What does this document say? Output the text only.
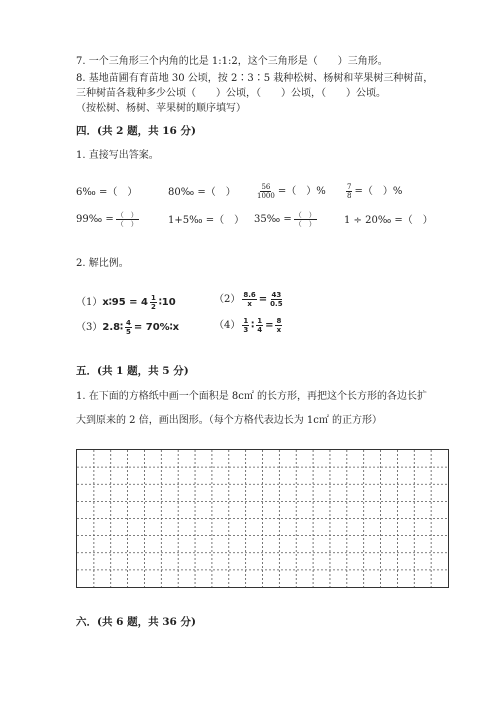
7. 一个三角形三个内角的比是 1:1:2，这个三角形是（　　）三角形。
8. 基地苗圃有育苗地 30 公顷，按 2∶3∶5 栽种松树、杨树和苹果树三种树苗，
三种树苗各栽种多少公顷（　　）公顷，（　　）公顷，（　　）公顷。
（按松树、杨树、苹果树的顺序填写）
四．(共 2 题，共 16 分)
1. 直接写出答案。
6‰ =（　）	80‰ =（　）	$\frac{56}{1000}$ =（　）%	$\frac{7}{8}$ =（　）%
99‰ = $\frac{( )}{( )}$	1+5‰ =（　） 35‰ = $\frac{( )}{( )}$	1 ÷ 20‰ =（　）
2. 解比例。
（1）x∶95 = $4 \frac{1}{2}$ ∶10	$(2) \frac{8.6}{x} = \frac{43}{0.5}$
（3）2.8∶ $\frac{4}{5}$ = 70%∶x	$(4) \frac{1}{3}$ ∶ $\frac{1}{4} = \frac{8}{x}$
五．(共 1 题，共 5 分)
1. 在下面的方格纸中画一个面积是 8c㎡ 的长方形，再把这个长方形的各边长扩
大到原来的 2 倍，画出图形。（每个方格代表边长为 1c㎡ 的正方形）
六．(共 6 题，共 36 分)
